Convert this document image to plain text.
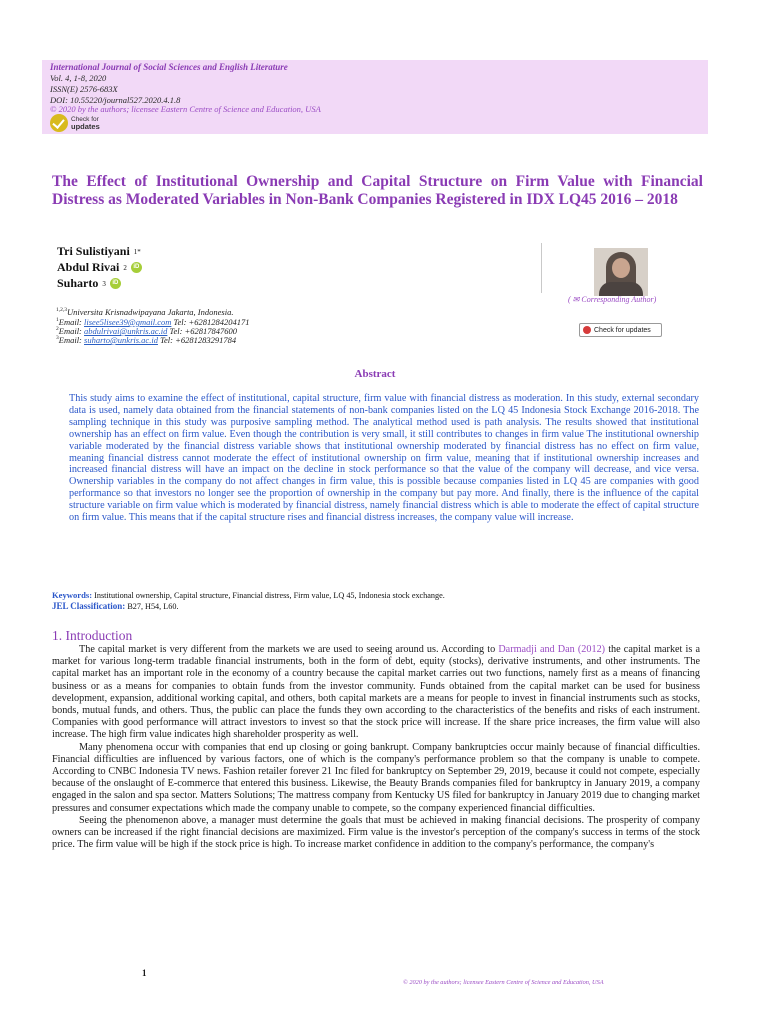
International Journal of Social Sciences and English Literature
Vol. 4, 1-8, 2020
ISSN(E) 2576-683X
DOI: 10.55220/journal527.2020.4.1.8
© 2020 by the authors; licensee Eastern Centre of Science and Education, USA
Check for
updates
The Effect of Institutional Ownership and Capital Structure on Firm Value with Financial Distress as Moderated Variables in Non-Bank Companies Registered in IDX LQ45 2016 – 2018
Tri Sulistiyani 1*
Abdul Rivai 2	iD
Suharto 3	iD
( ✉ Corresponding Author)
$^{1,2,3}$Universita Krisnadwipayana Jakarta, Indonesia.
$^1$Email: lisee5lisee39@gmail.com Tel: +6281284204171
$^2$Email: abdulrivai@unkris.ac.id Tel: +62817847600
$^3$Email: suharto@unkris.ac.id Tel: +6281283291784
Check for updates
Abstract
This study aims to examine the effect of institutional, capital structure, firm value with financial distress as moderation. In this study, external secondary data is used, namely data obtained from the financial statements of non-bank companies listed on the LQ 45 Indonesia Stock Exchange 2016-2018. The sampling technique in this study was purposive sampling method. The analytical method used is path analysis. The results showed that institutional ownership has an effect on firm value. Even though the contribution is very small, it still contributes to changes in firm value The institutional ownership variable moderated by the financial distress variable shows that institutional ownership moderated by financial distress has no effect on firm value, meaning financial distress cannot moderate the effect of institutional ownership on firm value, meaning that if institutional ownership increases and increased financial distress will have an impact on the decline in stock performance so that the value of the company will decrease, and vice versa. Ownership variables in the company do not affect changes in firm value, this is possible because companies listed in LQ 45 are companies with good performance so that investors no longer see the proportion of ownership in the company but pay more. And finally, there is the influence of the capital structure variable on firm value which is moderated by financial distress, namely financial distress which is able to moderate the effect of capital structure on firm value. This means that if the capital structure rises and financial distress increases, the company value will increase.
Keywords: Institutional ownership, Capital structure, Financial distress, Firm value, LQ 45, Indonesia stock exchange.
JEL Classification: B27, H54, L60.
1. Introduction

The capital market is very different from the markets we are used to seeing around us. According to Darmadji and Dan (2012) the capital market is a market for various long-term tradable financial instruments, both in the form of debt, equity (stocks), derivative instruments, and other instruments. The capital market has an important role in the economy of a country because the capital market carries out two functions, namely first as a means of financing business or as a means for companies to obtain funds from the investor community. Funds obtained from the capital market can be used for business development, expansion, additional working capital, and others, both capital markets are a means for people to invest in financial instruments such as stocks, bonds, mutual funds, and others. Thus, the public can place the funds they own according to the characteristics of the benefits and risks of each instrument. Companies with good performance will attract investors to invest so that the stock price will increase. If the share price increases, the firm value will also increase. The high firm value indicates high shareholder prosperity as well.

Many phenomena occur with companies that end up closing or going bankrupt. Company bankruptcies occur mainly because of financial difficulties. Financial difficulties are influenced by various factors, one of which is the company's performance problem so that the company is unable to compete. According to CNBC Indonesia TV news. Fashion retailer forever 21 Inc filed for bankruptcy on September 29, 2019, because it could not compete, especially because of the onslaught of E-commerce that entered this business. Likewise, the Beauty Brands companies filed for bankruptcy in January 2019, a company engaged in the salon and spa sector. Matters Solutions; The mattress company from Kentucky US filed for bankruptcy in January 2019 due to changing market pressures and consumer expectations which made the company unable to compete, so the company experienced financial difficulties.

Seeing the phenomenon above, a manager must determine the goals that must be achieved in making financial decisions. The prosperity of company owners can be increased if the right financial decisions are maximized. Firm value is the investor's perception of the company's success in terms of the stock price. The firm value will be high if the stock price is high. To increase market confidence in addition to the company's performance, the company's

1
© 2020 by the authors; licensee Eastern Centre of Science and Education, USA
